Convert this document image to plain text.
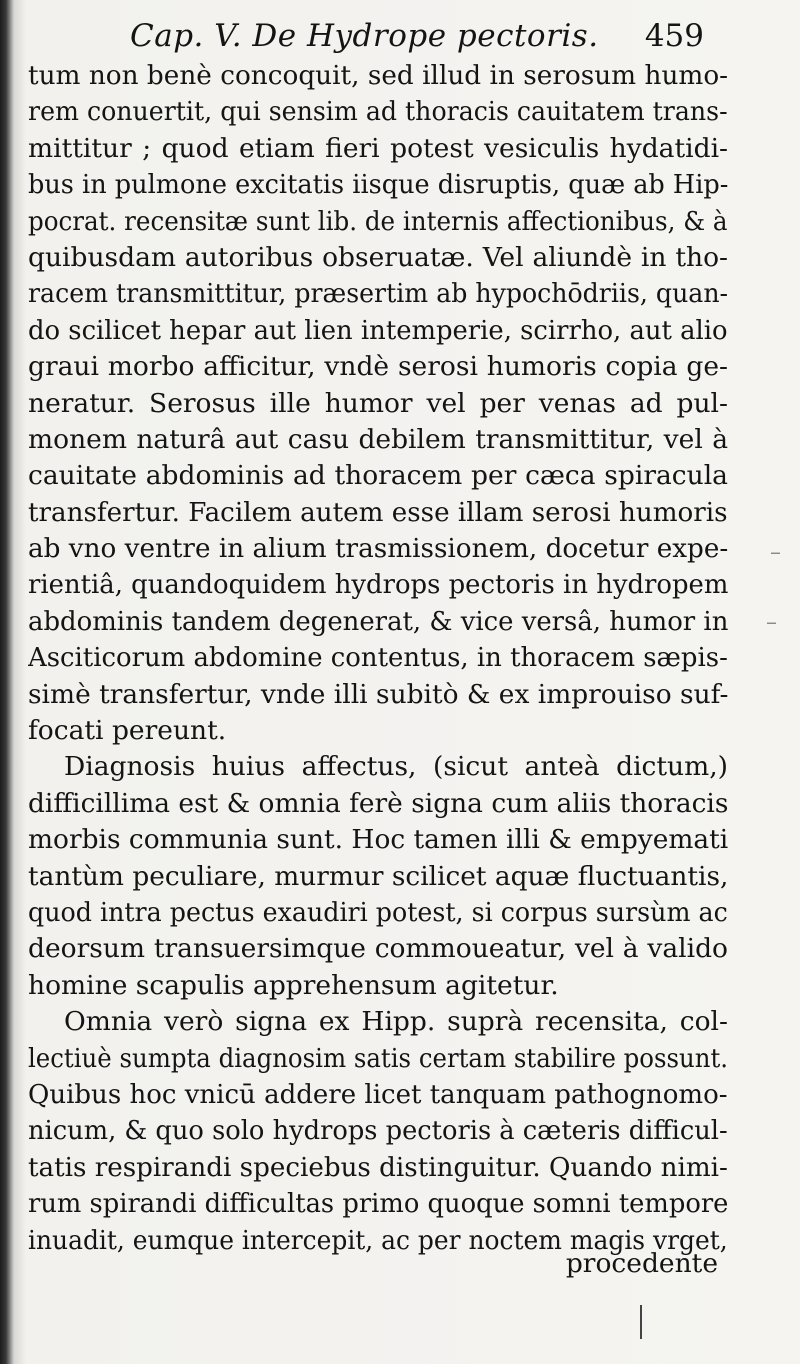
Cap. V. De Hydrope pectoris. 459
tum non benè concoquit, sed illud in serosum humo-
rem conuertit, qui sensim ad thoracis cauitatem trans-
mittitur ; quod etiam fieri potest vesiculis hydatidi-
bus in pulmone excitatis iisque disruptis, quæ ab Hip-
pocrat. recensitæ sunt lib. de internis affectionibus, & à
quibusdam autoribus obseruatæ. Vel aliundè in tho-
racem transmittitur, præsertim ab hypochōdriis, quan-
do scilicet hepar aut lien intemperie, scirrho, aut alio
graui morbo afficitur, vndè serosi humoris copia ge-
neratur. Serosus ille humor vel per venas ad pul-
monem naturâ aut casu debilem transmittitur, vel à
cauitate abdominis ad thoracem per cæca spiracula
transfertur. Facilem autem esse illam serosi humoris
ab vno ventre in alium trasmissionem, docetur expe-
rientiâ, quandoquidem hydrops pectoris in hydropem
abdominis tandem degenerat, & vice versâ, humor in
Asciticorum abdomine contentus, in thoracem sæpis-
simè transfertur, vnde illi subitò & ex improuiso suf-
focati pereunt.
Diagnosis huius affectus, (sicut anteà dictum,)
difficillima est & omnia ferè signa cum aliis thoracis
morbis communia sunt. Hoc tamen illi & empyemati
tantùm peculiare, murmur scilicet aquæ fluctuantis,
quod intra pectus exaudiri potest, si corpus sursùm ac
deorsum transuersimque commoueatur, vel à valido
homine scapulis apprehensum agitetur.
Omnia verò signa ex Hipp. suprà recensita, col-
lectiuè sumpta diagnosim satis certam stabilire possunt.
Quibus hoc vnicū addere licet tanquam pathognomo-
nicum, & quo solo hydrops pectoris à cæteris difficul-
tatis respirandi speciebus distinguitur. Quando nimi-
rum spirandi difficultas primo quoque somni tempore
inuadit, eumque intercepit, ac per noctem magis vrget,
procedente
–
–
